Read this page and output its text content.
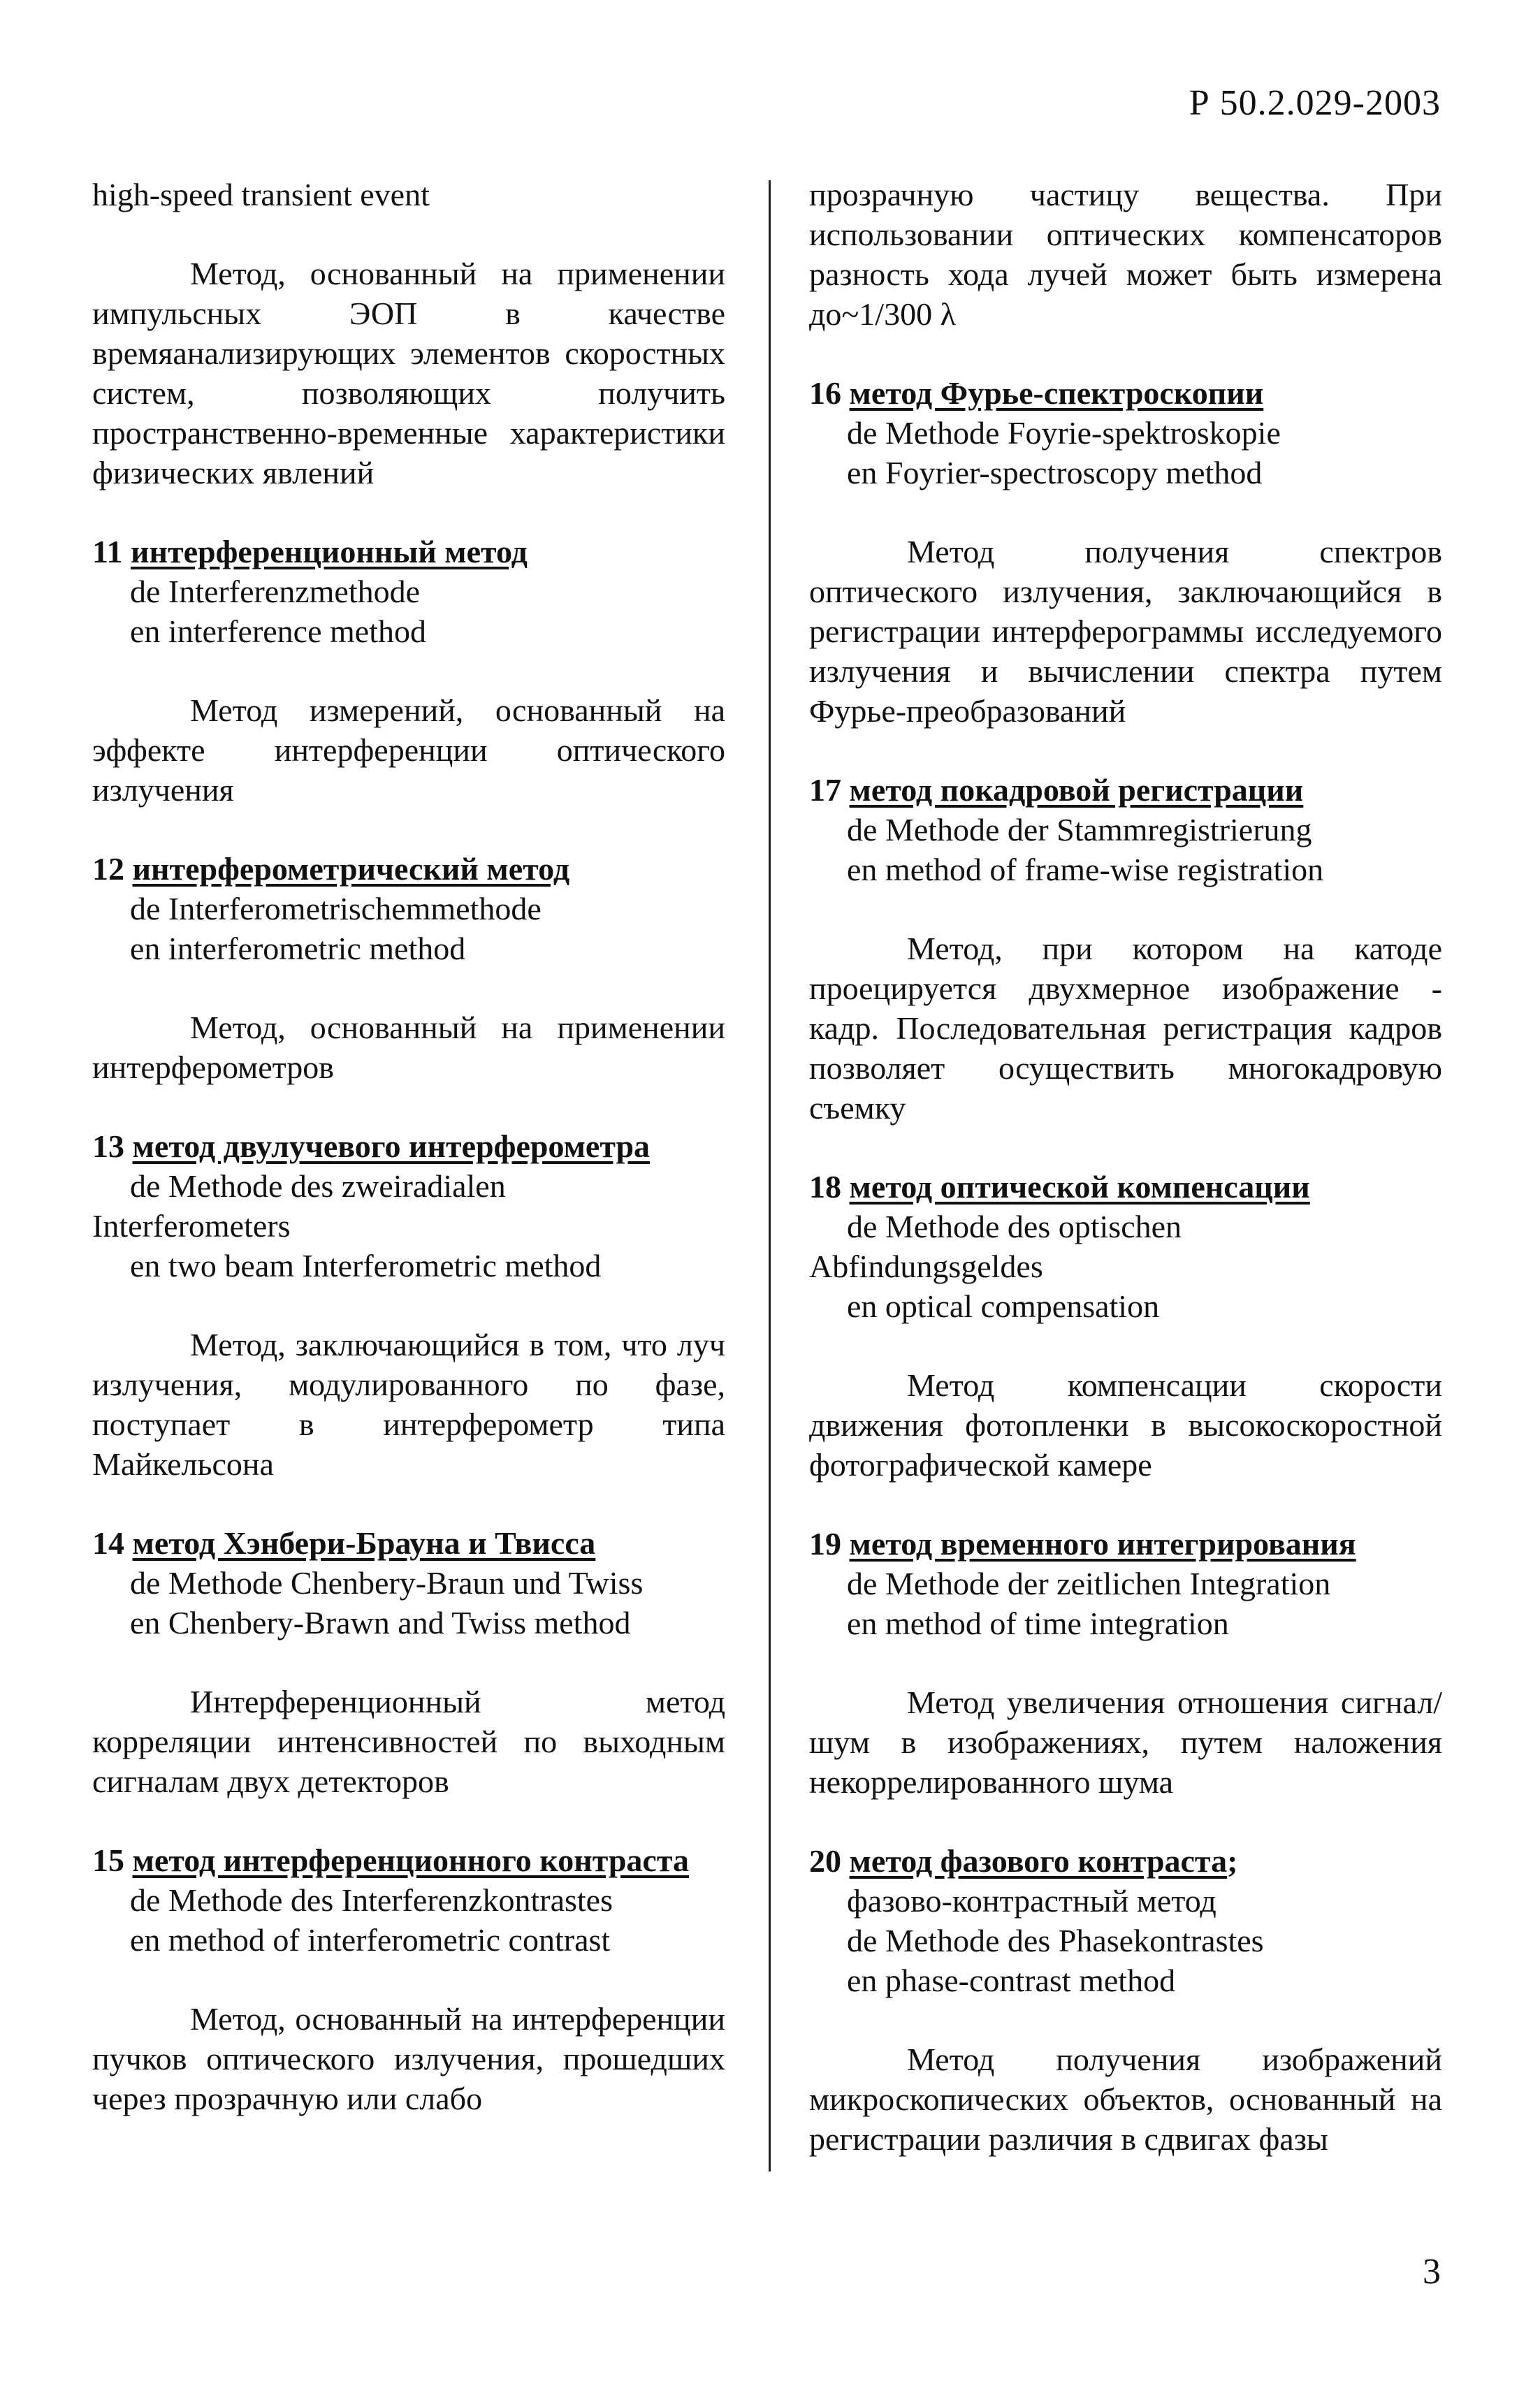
Р 50.2.029-2003

high-speed transient event

Метод, основанный на применении импульсных ЭОП в качестве времяанализирующих элементов скоростных систем, позволяющих получить пространственно-временные характеристики физических явлений

11 интерференционный метод

de Interferenzmethode

en interference method

Метод измерений, основанный на эффекте интерференции оптического излучения

12 интерферометрический метод

de Interferometrischemmethode

en interferometric method

Метод, основанный на применении интерферометров

13 метод двулучевого интерферометра

de Methode des zweiradialen

Interferometers

en two beam Interferometric method

Метод, заключающийся в том, что луч излучения, модулированного по фазе, поступает в интерферометр типа Майкельсона

14 метод Хэнбери-Брауна и Твисса

de Methode Chenbery-Braun und Twiss

en Chenbery-Brawn and Twiss method

Интерференционный метод корреляции интенсивностей по выходным сигналам двух детекторов

15 метод интерференционного контраста

de Methode des Interferenzkontrastes

en method of interferometric contrast

Метод, основанный на интерференции пучков оптического излучения, прошедших через прозрачную или слабо

прозрачную частицу вещества. При использовании оптических компенсаторов разность хода лучей может быть измерена до~1/300 λ

16 метод Фурье-спектроскопии

de Methode Foyrie-spektroskopie

en Foyrier-spectroscopy method

Метод получения спектров оптического излучения, заключающийся в регистрации интерферограммы исследуемого излучения и вычислении спектра путем Фурье-преобразований

17 метод покадровой регистрации

de Methode der Stammregistrierung

en method of frame-wise registration

Метод, при котором на катоде проецируется двухмерное изображение - кадр. Последовательная регистрация кадров позволяет осуществить многокадровую съемку

18 метод оптической компенсации

de Methode des optischen

Abfindungsgeldes

en optical compensation

Метод компенсации скорости движения фотопленки в высокоскоростной фотографической камере

19 метод временного интегрирования

de Methode der zeitlichen Integration

en method of time integration

Метод увеличения отношения сигнал/шум в изображениях, путем наложения некоррелированного шума

20 метод фазового контраста;

фазово-контрастный метод

de Methode des Phasekontrastes

en phase-contrast method

Метод получения изображений микроскопических объектов, основанный на регистрации различия в сдвигах фазы

3
